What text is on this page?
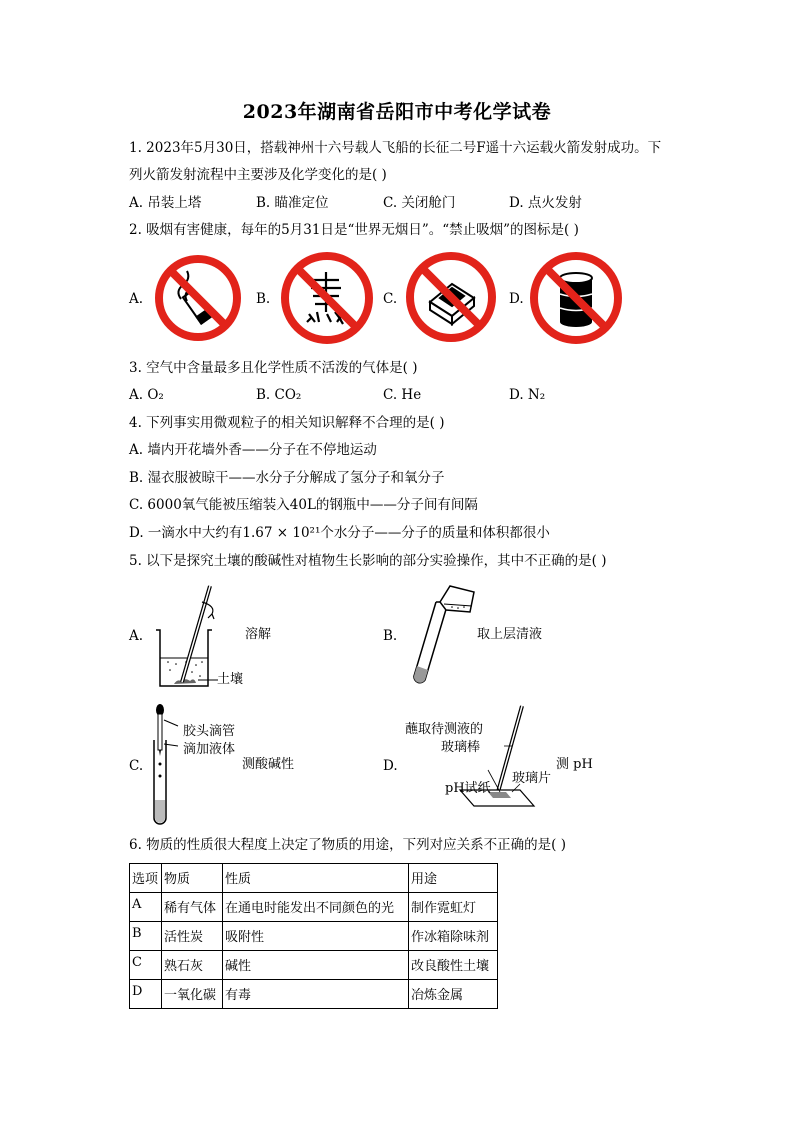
2023年湖南省岳阳市中考化学试卷
1. 2023年5月30日，搭载神州十六号载人飞船的长征二号F遥十六运载火箭发射成功。下
列火箭发射流程中主要涉及化学变化的是( )
A. 吊装上塔	B. 瞄准定位	C. 关闭舱门	D. 点火发射
2. 吸烟有害健康，每年的5月31日是“世界无烟日”。“禁止吸烟”的图标是( )
A.	B.	C.	D.
3. 空气中含量最多且化学性质不活泼的气体是( )
A. O₂	B. CO₂	C. He	D. N₂
4. 下列事实用微观粒子的相关知识解释不合理的是( )
A. 墙内开花墙外香——分子在不停地运动
B. 湿衣服被晾干——水分子分解成了氢分子和氧分子
C. 6000氧气能被压缩装入40L的钢瓶中——分子间有间隔
D. 一滴水中大约有1.67 × 10²¹个水分子——分子的质量和体积都很小
5. 以下是探究土壤的酸碱性对植物生长影响的部分实验操作，其中不正确的是( )
A.
土壤
溶解	B.	取上层清液
C.
胶头滴管
滴加液体
测酸碱性	D.
蘸取待测液的
玻璃棒
玻璃片
pH试纸
测 pH
6. 物质的性质很大程度上决定了物质的用途，下列对应关系不正确的是( )
选项	物质	性质	用途
A	稀有气体	在通电时能发出不同颜色的光	制作霓虹灯
B	活性炭	吸附性	作冰箱除味剂
C	熟石灰	碱性	改良酸性土壤
D	一氧化碳	有毒	冶炼金属
